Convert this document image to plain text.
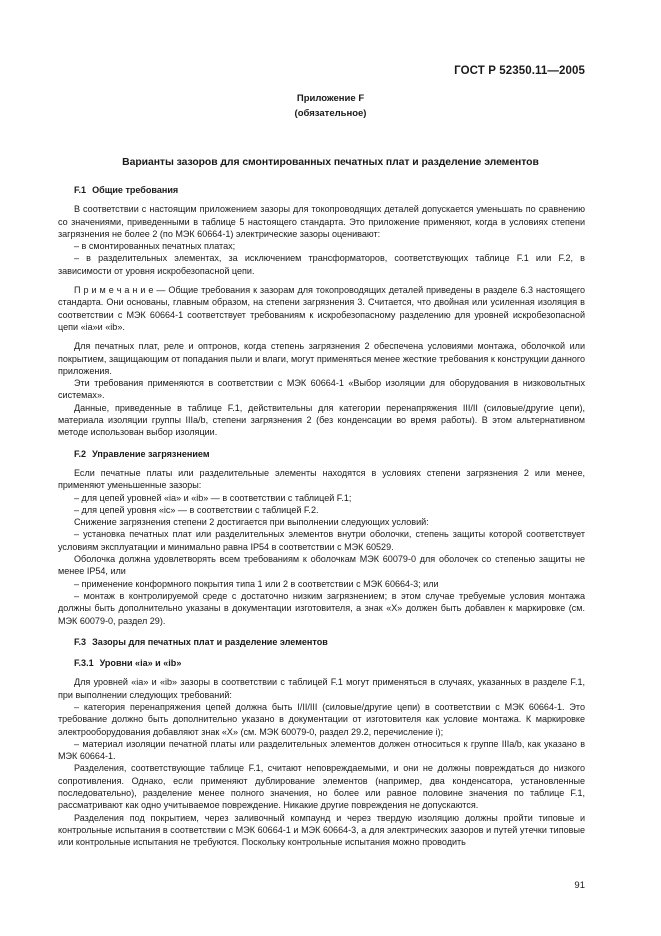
ГОСТ Р 52350.11—2005
Приложение F
(обязательное)
Варианты зазоров для смонтированных печатных плат и разделение элементов

F.1 Общие требования

В соответствии с настоящим приложением зазоры для токопроводящих деталей допускается уменьшать по сравнению со значениями, приведенными в таблице 5 настоящего стандарта. Это приложение применяют, когда в условиях степени загрязнения не более 2 (по МЭК 60664-1) электрические зазоры оценивают:

– в смонтированных печатных платах;

– в разделительных элементах, за исключением трансформаторов, соответствующих таблице F.1 или F.2, в зависимости от уровня искробезопасной цепи.

П р и м е ч а н и е — Общие требования к зазорам для токопроводящих деталей приведены в разделе 6.3 настоящего стандарта. Они основаны, главным образом, на степени загрязнения 3. Считается, что двойная или усиленная изоляция в соответствии с МЭК 60664-1 соответствует требованиям к искробезопасному разделению для уровней искробезопасной цепи «ia»и «ib».

Для печатных плат, реле и оптронов, когда степень загрязнения 2 обеспечена условиями монтажа, оболочкой или покрытием, защищающим от попадания пыли и влаги, могут применяться менее жесткие требования к конструкции данного приложения.

Эти требования применяются в соответствии с МЭК 60664-1 «Выбор изоляции для оборудования в низковольтных системах».

Данные, приведенные в таблице F.1, действительны для категории перенапряжения III/II (силовые/другие цепи), материала изоляции группы IIIa/b, степени загрязнения 2 (без конденсации во время работы). В этом альтернативном методе использован выбор изоляции.

F.2 Управление загрязнением

Если печатные платы или разделительные элементы находятся в условиях степени загрязнения 2 или менее, применяют уменьшенные зазоры:

– для цепей уровней «ia» и «ib» — в соответствии с таблицей F.1;

– для цепей уровня «ic» — в соответствии с таблицей F.2.

Снижение загрязнения степени 2 достигается при выполнении следующих условий:

– установка печатных плат или разделительных элементов внутри оболочки, степень защиты которой соответствует условиям эксплуатации и минимально равна IP54 в соответствии с МЭК 60529.

Оболочка должна удовлетворять всем требованиям к оболочкам МЭК 60079-0 для оболочек со степенью защиты не менее IP54, или

– применение конформного покрытия типа 1 или 2 в соответствии с МЭК 60664-3; или

– монтаж в контролируемой среде с достаточно низким загрязнением; в этом случае требуемые условия монтажа должны быть дополнительно указаны в документации изготовителя, а знак «Х» должен быть добавлен к маркировке (см. МЭК 60079-0, раздел 29).

F.3 Зазоры для печатных плат и разделение элементов

F.3.1 Уровни «ia» и «ib»

Для уровней «ia» и «ib» зазоры в соответствии с таблицей F.1 могут применяться в случаях, указанных в разделе F.1, при выполнении следующих требований:

– категория перенапряжения цепей должна быть I/II/III (силовые/другие цепи) в соответствии с МЭК 60664-1. Это требование должно быть дополнительно указано в документации от изготовителя как условие монтажа. К маркировке электрооборудования добавляют знак «Х» (см. МЭК 60079-0, раздел 29.2, перечисление i);

– материал изоляции печатной платы или разделительных элементов должен относиться к группе IIIa/b, как указано в МЭК 60664-1.

Разделения, соответствующие таблице F.1, считают неповреждаемыми, и они не должны повреждаться до низкого сопротивления. Однако, если применяют дублирование элементов (например, два конденсатора, установленные последовательно), разделение менее полного значения, но более или равное половине значения по таблице F.1, рассматривают как одно учитываемое повреждение. Никакие другие повреждения не допускаются.

Разделения под покрытием, через заливочный компаунд и через твердую изоляцию должны пройти типовые и контрольные испытания в соответствии с МЭК 60664-1 и МЭК 60664-3, а для электрических зазоров и путей утечки типовые или контрольные испытания не требуются. Поскольку контрольные испытания можно проводить

91
